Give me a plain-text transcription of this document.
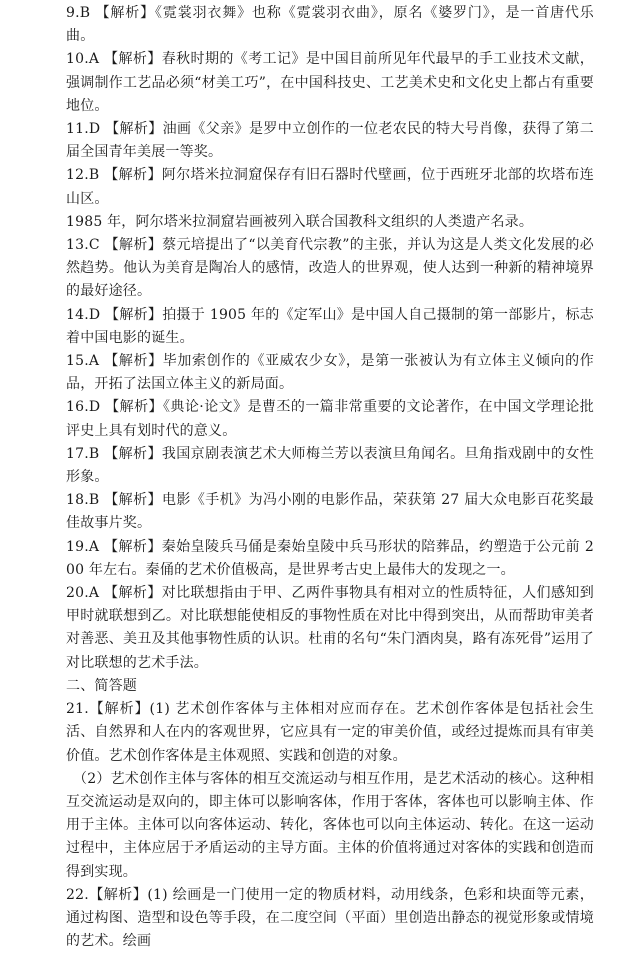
9.B 【解析】《霓裳羽衣舞》也称《霓裳羽衣曲》，原名《婆罗门》，是一首唐代乐曲。

10.A 【解析】春秋时期的《考工记》是中国目前所见年代最早的手工业技术文献，强调制作工艺品必须“材美工巧”，在中国科技史、工艺美术史和文化史上都占有重要地位。

11.D 【解析】油画《父亲》是罗中立创作的一位老农民的特大号肖像，获得了第二届全国青年美展一等奖。

12.B 【解析】阿尔塔米拉洞窟保存有旧石器时代壁画，位于西班牙北部的坎塔布连山区。

1985 年，阿尔塔米拉洞窟岩画被列入联合国教科文组织的人类遗产名录。

13.C 【解析】蔡元培提出了“以美育代宗教”的主张，并认为这是人类文化发展的必然趋势。他认为美育是陶冶人的感情，改造人的世界观，使人达到一种新的精神境界的最好途径。

14.D 【解析】拍摄于 1905 年的《定军山》是中国人自己摄制的第一部影片，标志着中国电影的诞生。

15.A 【解析】毕加索创作的《亚威农少女》，是第一张被认为有立体主义倾向的作品，开拓了法国立体主义的新局面。

16.D 【解析】《典论·论文》是曹丕的一篇非常重要的文论著作，在中国文学理论批评史上具有划时代的意义。

17.B 【解析】我国京剧表演艺术大师梅兰芳以表演旦角闻名。旦角指戏剧中的女性形象。

18.B 【解析】电影《手机》为冯小刚的电影作品，荣获第 27 届大众电影百花奖最佳故事片奖。

19.A 【解析】秦始皇陵兵马俑是秦始皇陵中兵马形状的陪葬品，约塑造于公元前 200 年左右。秦俑的艺术价值极高，是世界考古史上最伟大的发现之一。

20.A 【解析】对比联想指由于甲、乙两件事物具有相对立的性质特征，人们感知到甲时就联想到乙。对比联想能使相反的事物性质在对比中得到突出，从而帮助审美者对善恶、美丑及其他事物性质的认识。杜甫的名句“朱门酒肉臭，路有冻死骨”运用了对比联想的艺术手法。

二、简答题

21.【解析】(1) 艺术创作客体与主体相对应而存在。艺术创作客体是包括社会生活、自然界和人在内的客观世界，它应具有一定的审美价值，或经过提炼而具有审美价值。艺术创作客体是主体观照、实践和创造的对象。

（2）艺术创作主体与客体的相互交流运动与相互作用，是艺术活动的核心。这种相互交流运动是双向的，即主体可以影响客体，作用于客体，客体也可以影响主体、作用于主体。主体可以向客体运动、转化，客体也可以向主体运动、转化。在这一运动过程中，主体应居于矛盾运动的主导方面。主体的价值将通过对客体的实践和创造而得到实现。

22.【解析】(1) 绘画是一门使用一定的物质材料，动用线条，色彩和块面等元素，通过构图、造型和设色等手段，在二度空间（平面）里创造出静态的视觉形象或情境的艺术。绘画
